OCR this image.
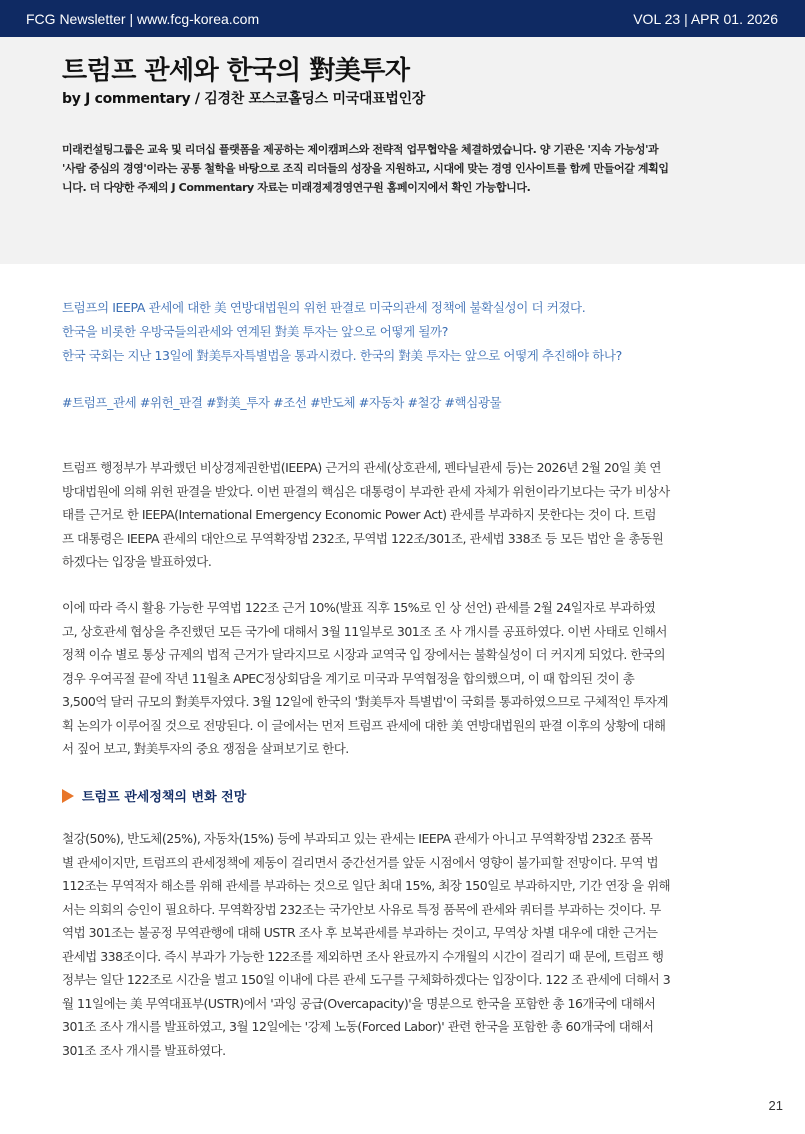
FCG Newsletter | www.fcg-korea.com	VOL 23 | APR 01. 2026
트럼프 관세와 한국의 對美투자
by J commentary / 김경찬 포스코홀딩스 미국대표법인장

미래컨설팅그룹은 교육 및 리더십 플랫폼을 제공하는 제이캠퍼스와 전략적 업무협약을 체결하였습니다. 양 기관은 '지속 가능성'과

'사람 중심의 경영'이라는 공통 철학을 바탕으로 조직 리더들의 성장을 지원하고, 시대에 맞는 경영 인사이트를 함께 만들어갈 계획입

니다. 더 다양한 주제의 J Commentary 자료는 미래경제경영연구원 홈페이지에서 확인 가능합니다.

트럼프의 IEEPA 관세에 대한 美 연방대법원의 위헌 판결로 미국의관세 정책에 불확실성이 더 커졌다.

한국을 비롯한 우방국들의관세와 연계된 對美 투자는 앞으로 어떻게 될까?

한국 국회는 지난 13일에 對美투자특별법을 통과시켰다. 한국의 對美 투자는 앞으로 어떻게 추진해야 하나?

#트럼프_관세 #위헌_판결 #對美_투자 #조선 #반도체 #자동차 #철강 #핵심광물

트럼프 행정부가 부과했던 비상경제권한법(IEEPA) 근거의 관세(상호관세, 펜타닐관세 등)는 2026년 2월 20일 美 연

방대법원에 의해 위헌 판결을 받았다. 이번 판결의 핵심은 대통령이 부과한 관세 자체가 위헌이라기보다는 국가 비상사

태를 근거로 한 IEEPA(International Emergency Economic Power Act) 관세를 부과하지 못한다는 것이 다. 트럼

프 대통령은 IEEPA 관세의 대안으로 무역확장법 232조, 무역법 122조/301조, 관세법 338조 등 모든 법안 을 총동원

하겠다는 입장을 발표하였다.

이에 따라 즉시 활용 가능한 무역법 122조 근거 10%(발표 직후 15%로 인 상 선언) 관세를 2월 24일자로 부과하였

고, 상호관세 협상을 추진했던 모든 국가에 대해서 3월 11일부로 301조 조 사 개시를 공표하였다. 이번 사태로 인해서

정책 이슈 별로 통상 규제의 법적 근거가 달라지므로 시장과 교역국 입 장에서는 불확실성이 더 커지게 되었다. 한국의

경우 우여곡절 끝에 작년 11월초 APEC정상회담을 계기로 미국과 무역협정을 합의했으며, 이 때 합의된 것이 총

3,500억 달러 규모의 對美투자였다. 3월 12일에 한국의 '對美투자 특별법'이 국회를 통과하였으므로 구체적인 투자계

획 논의가 이루어질 것으로 전망된다. 이 글에서는 먼저 트럼프 관세에 대한 美 연방대법원의 판결 이후의 상황에 대해

서 짚어 보고, 對美투자의 중요 쟁점을 살펴보기로 한다.

트럼프 관세정책의 변화 전망

철강(50%), 반도체(25%), 자동차(15%) 등에 부과되고 있는 관세는 IEEPA 관세가 아니고 무역확장법 232조 품목

별 관세이지만, 트럼프의 관세정책에 제동이 걸리면서 중간선거를 앞둔 시점에서 영향이 불가피할 전망이다. 무역 법

112조는 무역적자 해소를 위해 관세를 부과하는 것으로 일단 최대 15%, 최장 150일로 부과하지만, 기간 연장 을 위해

서는 의회의 승인이 필요하다. 무역확장법 232조는 국가안보 사유로 특정 품목에 관세와 쿼터를 부과하는 것이다. 무

역법 301조는 불공정 무역관행에 대해 USTR 조사 후 보복관세를 부과하는 것이고, 무역상 차별 대우에 대한 근거는

관세법 338조이다. 즉시 부과가 가능한 122조를 제외하면 조사 완료까지 수개월의 시간이 걸리기 때 문에, 트럼프 행

정부는 일단 122조로 시간을 벌고 150일 이내에 다른 관세 도구를 구체화하겠다는 입장이다. 122 조 관세에 더해서 3

월 11일에는 美 무역대표부(USTR)에서 '과잉 공급(Overcapacity)'을 명분으로 한국을 포함한 총 16개국에 대해서

301조 조사 개시를 발표하였고, 3월 12일에는 '강제 노동(Forced Labor)' 관련 한국을 포함한 총 60개국에 대해서

301조 조사 개시를 발표하였다.

21
